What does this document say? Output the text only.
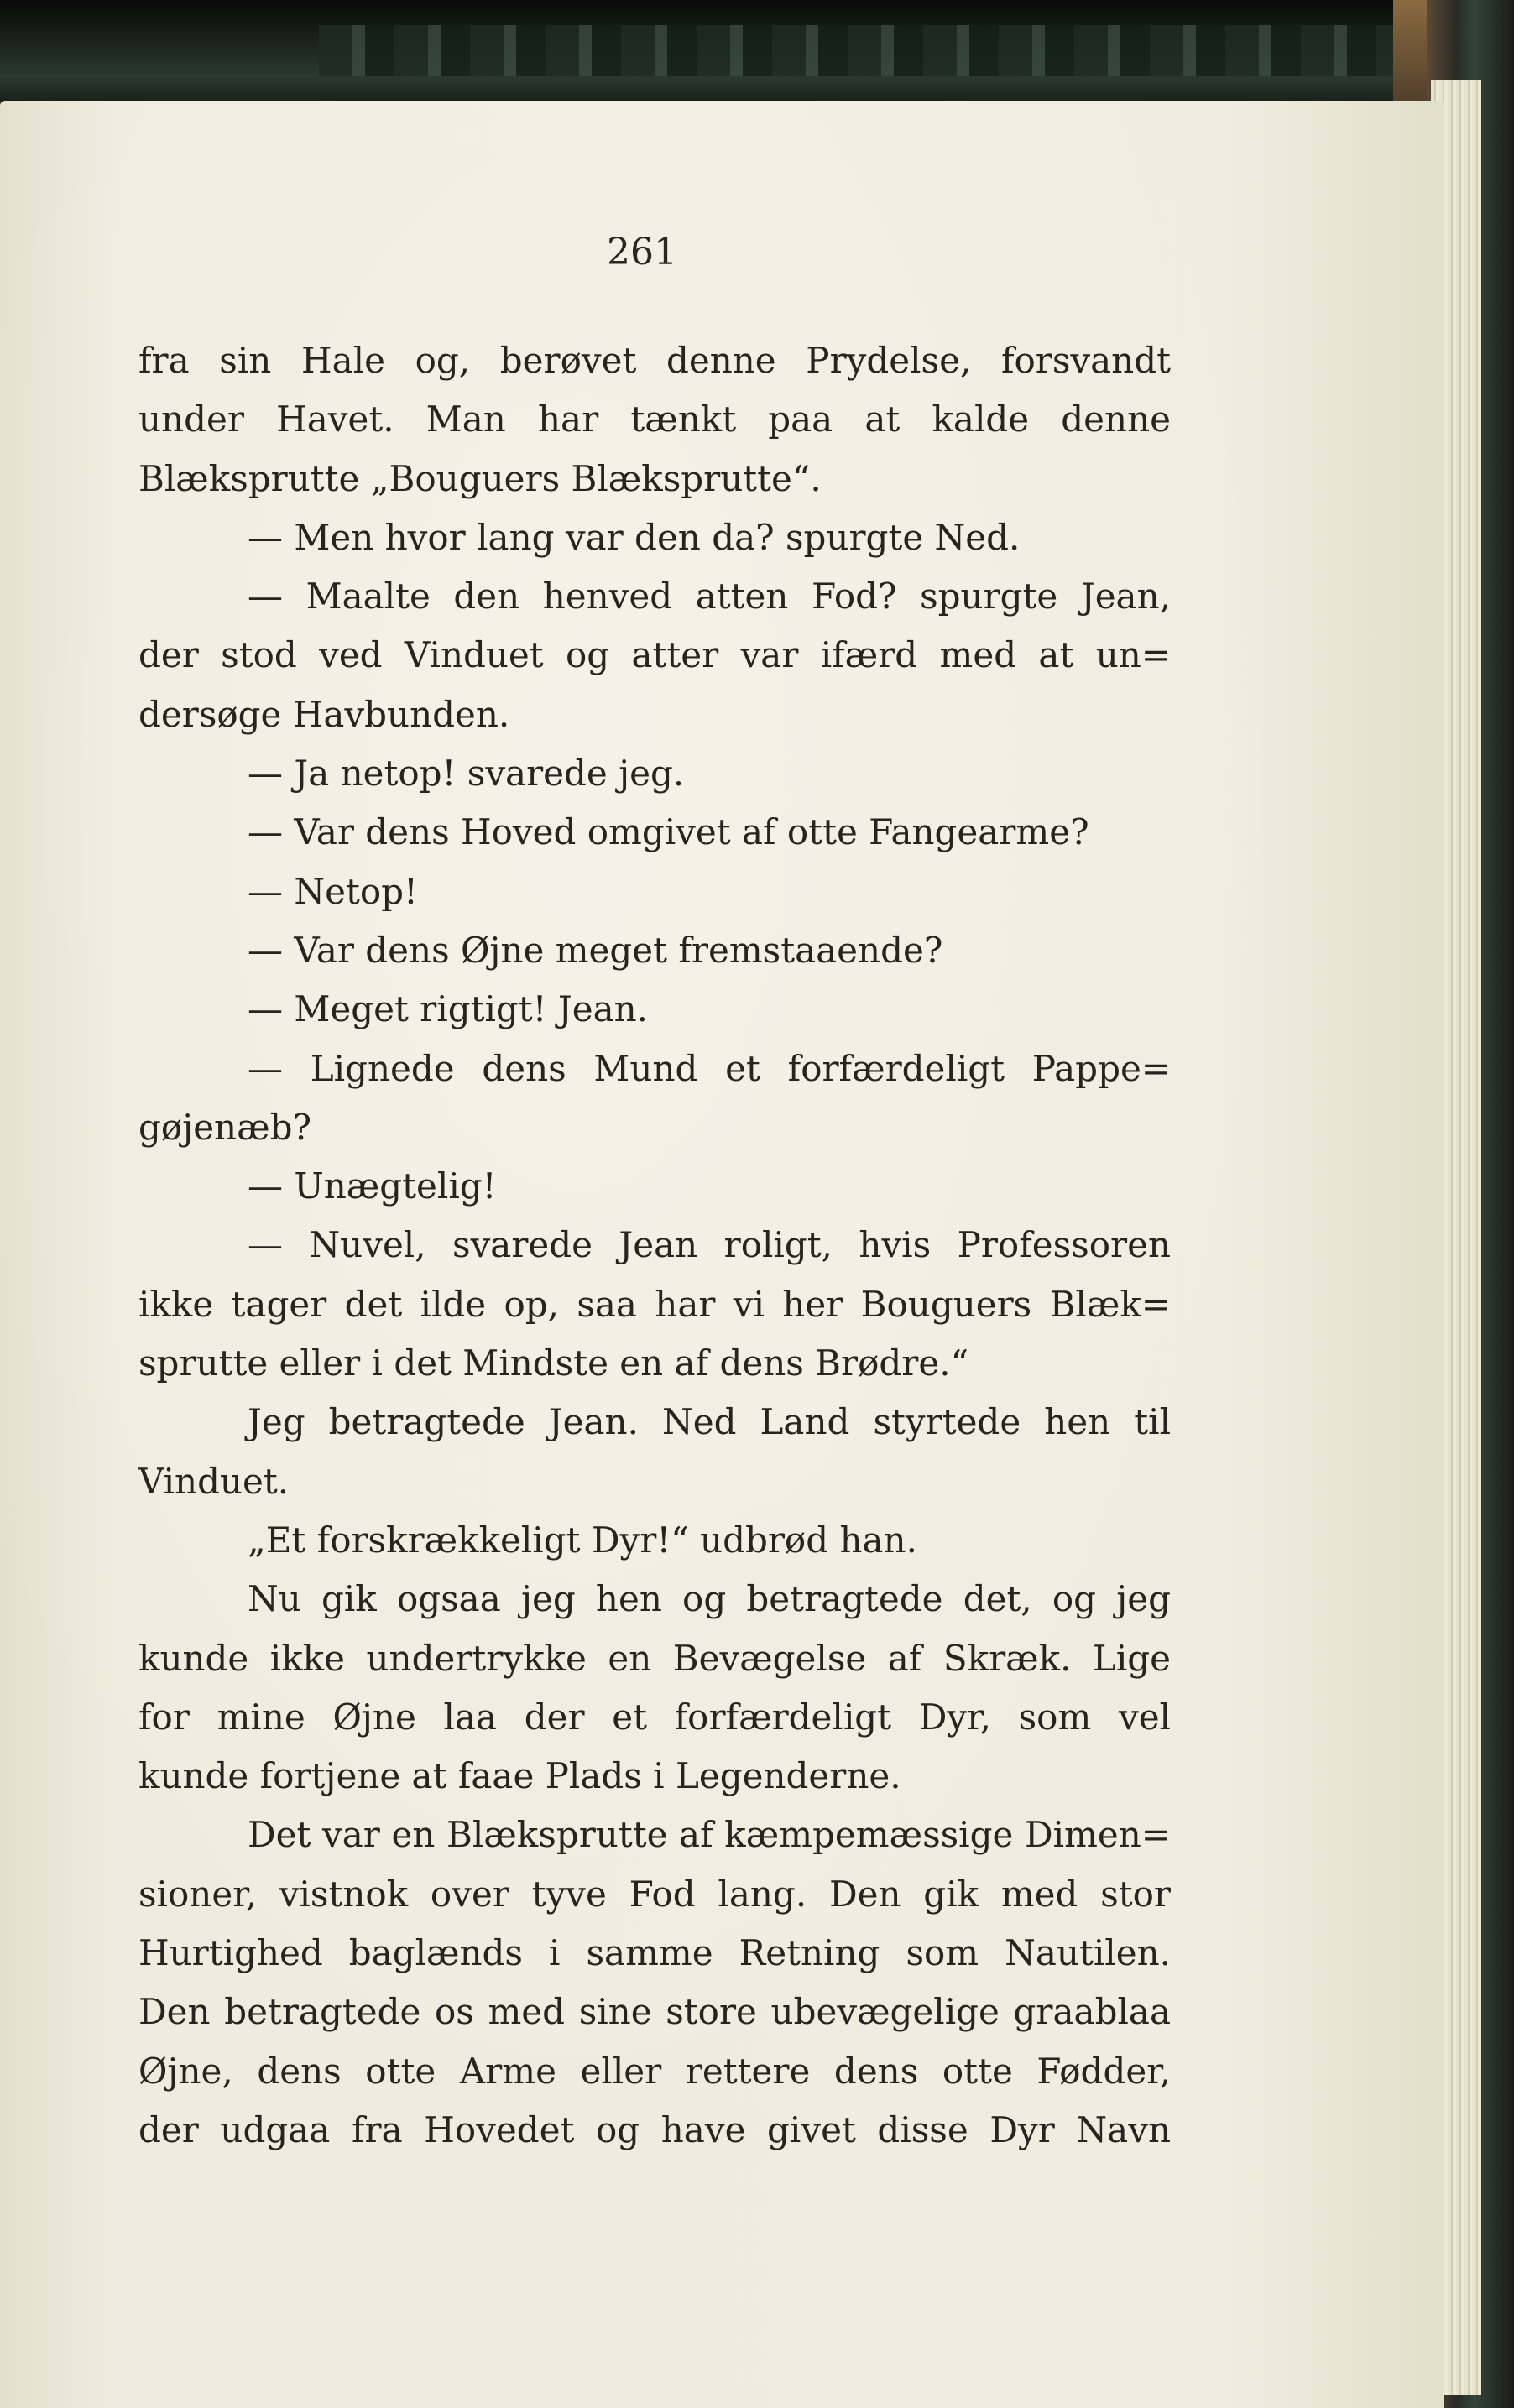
261
fra sin Hale og, berøvet denne Prydelse, forsvandt
under Havet. Man har tænkt paa at kalde denne
Blæksprutte „Bouguers Blæksprutte“.
— Men hvor lang var den da? spurgte Ned.
— Maalte den henved atten Fod? spurgte Jean,
der stod ved Vinduet og atter var ifærd med at un=
dersøge Havbunden.
— Ja netop! svarede jeg.
— Var dens Hoved omgivet af otte Fangearme?
— Netop!
— Var dens Øjne meget fremstaaende?
— Meget rigtigt! Jean.
— Lignede dens Mund et forfærdeligt Pappe=
gøjenæb?
— Unægtelig!
— Nuvel, svarede Jean roligt, hvis Professoren
ikke tager det ilde op, saa har vi her Bouguers Blæk=
sprutte eller i det Mindste en af dens Brødre.“
Jeg betragtede Jean. Ned Land styrtede hen til
Vinduet.
„Et forskrækkeligt Dyr!“ udbrød han.
Nu gik ogsaa jeg hen og betragtede det, og jeg
kunde ikke undertrykke en Bevægelse af Skræk. Lige
for mine Øjne laa der et forfærdeligt Dyr, som vel
kunde fortjene at faae Plads i Legenderne.
Det var en Blæksprutte af kæmpemæssige Dimen=
sioner, vistnok over tyve Fod lang. Den gik med stor
Hurtighed baglænds i samme Retning som Nautilen.
Den betragtede os med sine store ubevægelige graablaa
Øjne, dens otte Arme eller rettere dens otte Fødder,
der udgaa fra Hovedet og have givet disse Dyr Navn
